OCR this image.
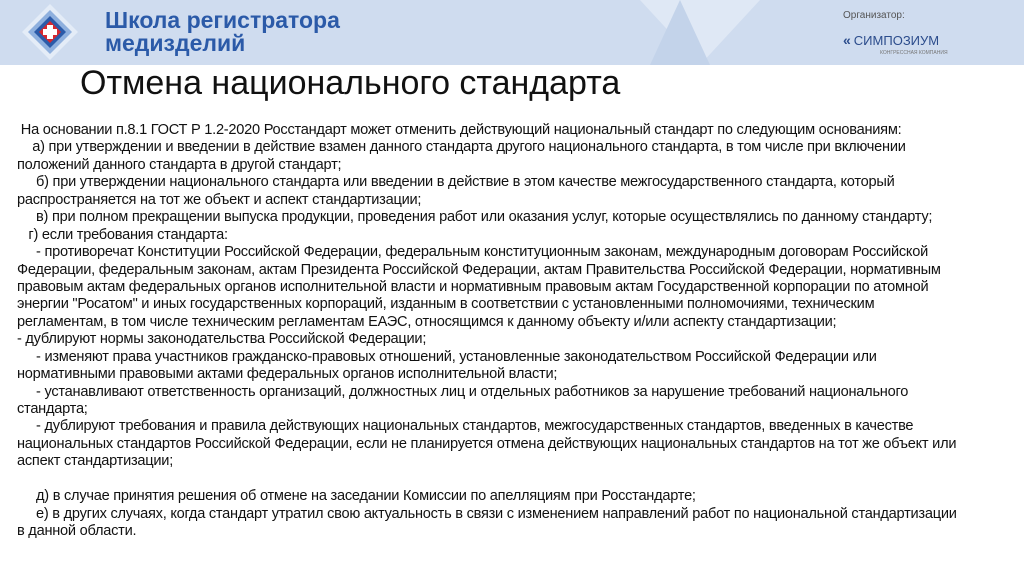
Школа регистратора
медизделий
Организатор:
« СИМПОЗИУМ
КОНГРЕССНАЯ КОМПАНИЯ
Отмена национального стандарта
На основании п.8.1 ГОСТ Р 1.2-2020 Росстандарт может отменить действующий национальный стандарт по следующим основаниям:
а) при утверждении и введении в действие взамен данного стандарта другого национального стандарта, в том числе при включении
положений данного стандарта в другой стандарт;
б) при утверждении национального стандарта или введении в действие в этом качестве межгосударственного стандарта, который
распространяется на тот же объект и аспект стандартизации;
в) при полном прекращении выпуска продукции, проведения работ или оказания услуг, которые осуществлялись по данному стандарту;
г) если требования стандарта:
- противоречат Конституции Российской Федерации, федеральным конституционным законам, международным договорам Российской
Федерации, федеральным законам, актам Президента Российской Федерации, актам Правительства Российской Федерации, нормативным
правовым актам федеральных органов исполнительной власти и нормативным правовым актам Государственной корпорации по атомной
энергии "Росатом" и иных государственных корпораций, изданным в соответствии с установленными полномочиями, техническим
регламентам, в том числе техническим регламентам ЕАЭС, относящимся к данному объекту и/или аспекту стандартизации;
- дублируют нормы законодательства Российской Федерации;
- изменяют права участников гражданско-правовых отношений, установленные законодательством Российской Федерации или
нормативными правовыми актами федеральных органов исполнительной власти;
- устанавливают ответственность организаций, должностных лиц и отдельных работников за нарушение требований национального
стандарта;
- дублируют требования и правила действующих национальных стандартов, межгосударственных стандартов, введенных в качестве
национальных стандартов Российской Федерации, если не планируется отмена действующих национальных стандартов на тот же объект или
аспект стандартизации;
д) в случае принятия решения об отмене на заседании Комиссии по апелляциям при Росстандарте;
е) в других случаях, когда стандарт утратил свою актуальность в связи с изменением направлений работ по национальной стандартизации
в данной области.
